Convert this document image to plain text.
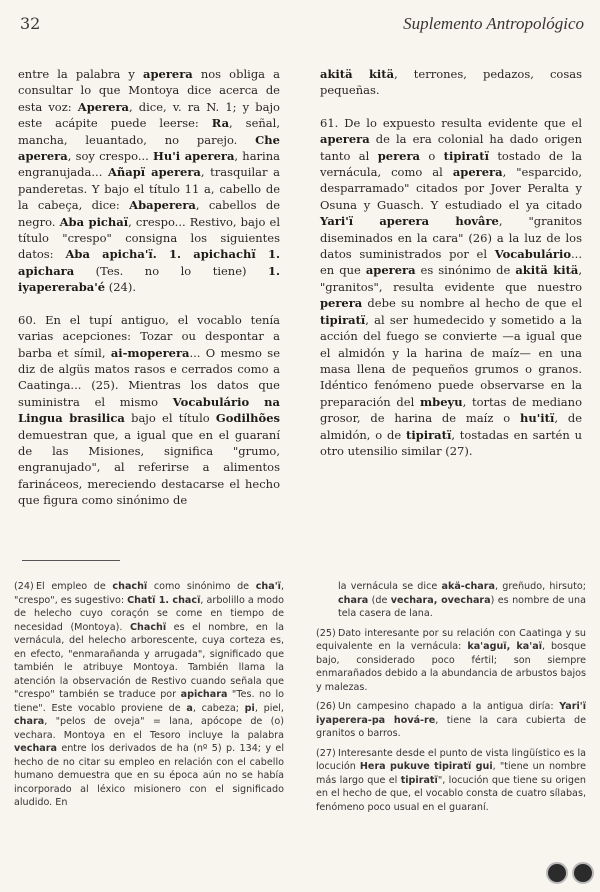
32	Suplemento Antropológico

entre la palabra y aperera nos obliga a consultar lo que Montoya dice acerca de esta voz: Aperera, dice, v. ra N. 1; y bajo este acápite puede leerse: Ra, señal, mancha, leuantado, no parejo. Che aperera, soy crespo... Hu'i aperera, harina engranujada... Añapï aperera, trasquilar a panderetas. Y bajo el título 11 a, cabello de la cabeça, dice: Abaperera, cabellos de negro. Aba pichaï, crespo... Restivo, bajo el título "crespo" consigna los siguientes datos: Aba apicha'ï. 1. apichachï 1. apichara (Tes. no lo tiene) 1. iyapereraba'é (24).

60. En el tupí antiguo, el vocablo tenía varias acepciones: Tozar ou despontar a barba et símil, ai-moperera... O mesmo se diz de algüs matos rasos e cerrados como a Caatinga... (25). Mientras los datos que suministra el mismo Vocabulário na Lingua brasilica bajo el título Godilhões demuestran que, a igual que en el guaraní de las Misiones, significa "grumo, engranujado", al referirse a alimentos farináceos, mereciendo destacarse el hecho que figura como sinónimo de

akitä kitä, terrones, pedazos, cosas pequeñas.

61. De lo expuesto resulta evidente que el aperera de la era colonial ha dado origen tanto al perera o tipiratï tostado de la vernácula, como al aperera, "esparcido, desparramado" citados por Jover Peralta y Osuna y Guasch. Y estudiado el ya citado Yari'ï aperera hovâre, "granitos diseminados en la cara" (26) a la luz de los datos suministrados por el Vocabulário... en que aperera es sinónimo de akitä kitä, "granitos", resulta evidente que nuestro perera debe su nombre al hecho de que el tipiratï, al ser humedecido y sometido a la acción del fuego se convierte —a igual que el almidón y la harina de maíz— en una masa llena de pequeños grumos o granos. Idéntico fenómeno puede observarse en la preparación del mbeyu, tortas de mediano grosor, de harina de maíz o hu'itï, de almidón, o de tipiratï, tostadas en sartén u otro utensilio similar (27).

(24) El empleo de chachï como sinónimo de cha'ï, "crespo", es sugestivo: Chatï 1. chacï, arbolillo a modo de helecho cuyo coraçón se come en tiempo de necesidad (Montoya). Chachï es el nombre, en la vernácula, del helecho arborescente, cuya corteza es, en efecto, "enmarañanda y arrugada", significado que también le atribuye Montoya. También llama la atención la observación de Restivo cuando señala que "crespo" también se traduce por apichara "Tes. no lo tiene". Este vocablo proviene de a, cabeza; pi, piel, chara, "pelos de oveja" = lana, apócope de (o) vechara. Montoya en el Tesoro incluye la palabra vechara entre los derivados de ha (nº 5) p. 134; y el hecho de no citar su empleo en relación con el cabello humano demuestra que en su época aún no se había incorporado al léxico misionero con el significado aludido. En

la vernácula se dice akä-chara, greñudo, hirsuto; chara (de vechara, ovechara) es nombre de una tela casera de lana.

(25) Dato interesante por su relación con Caatinga y su equivalente en la vernácula: ka'aguï, ka'aï, bosque bajo, considerado poco fértil; son siempre enmarañados debido a la abundancia de arbustos bajos y malezas.

(26) Un campesino chapado a la antigua diría: Yari'ï iyaperera-pa hová-re, tiene la cara cubierta de granitos o barros.

(27) Interesante desde el punto de vista lingüístico es la locución Hera pukuve tipiratï gui, "tiene un nombre más largo que el tipiratï", locución que tiene su origen en el hecho de que, el vocablo consta de cuatro sílabas, fenómeno poco usual en el guaraní.
